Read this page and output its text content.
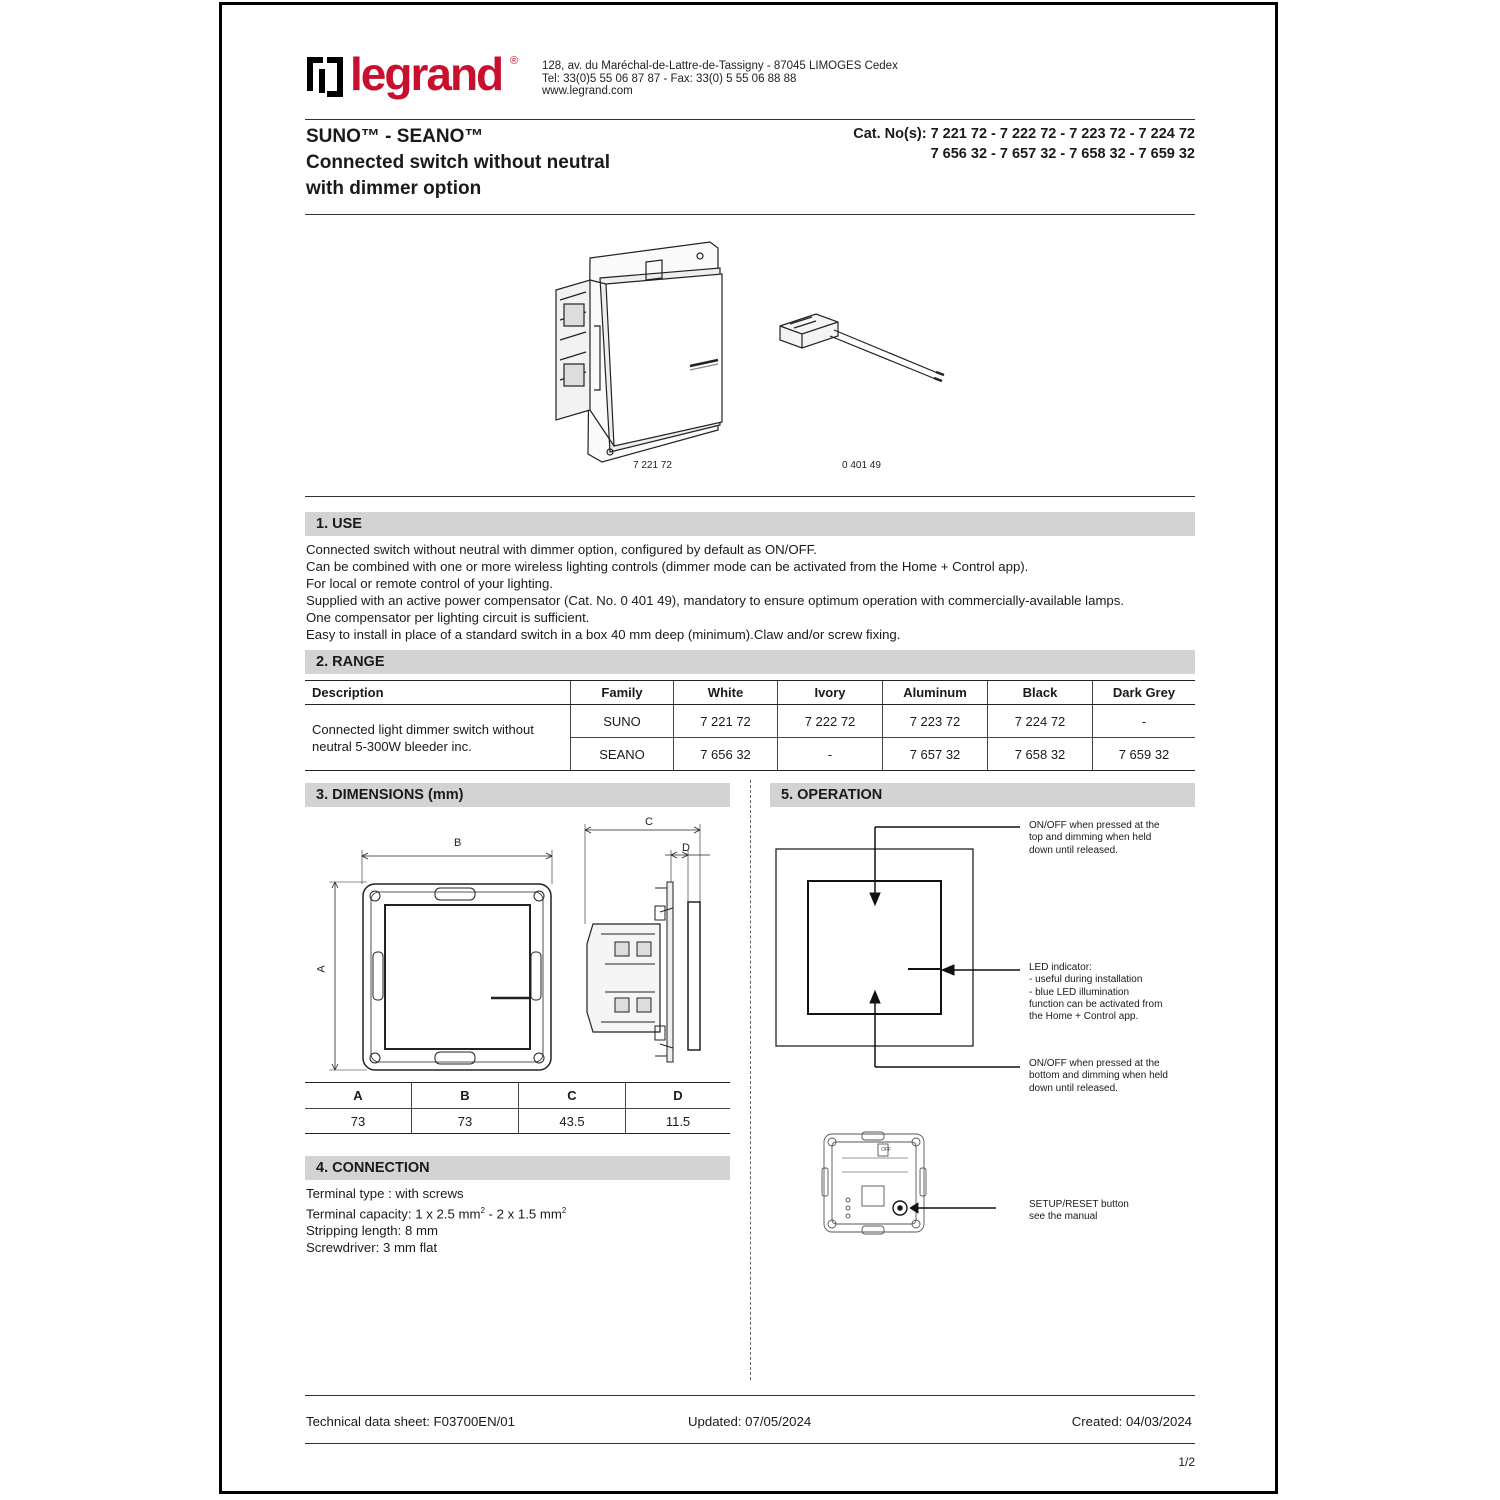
legrand ® 128, av. du Maréchal-de-Lattre-de-Tassigny - 87045 LIMOGES Cedex
Tel: 33(0)5 55 06 87 87 - Fax: 33(0) 5 55 06 88 88
www.legrand.com
SUNO™ - SEANO™
Connected switch without neutral
with dimmer option
Cat. No(s): 7 221 72 - 7 222 72 - 7 223 72 - 7 224 72
7 656 32 - 7 657 32 - 7 658 32 - 7 659 32
7 221 72	0 401 49
1. USE
Connected switch without neutral with dimmer option, configured by default as ON/OFF.
Can be combined with one or more wireless lighting controls (dimmer mode can be activated from the Home + Control app).
For local or remote control of your lighting.
Supplied with an active power compensator (Cat. No. 0 401 49), mandatory to ensure optimum operation with commercially-available lamps.
One compensator per lighting circuit is sufficient.
Easy to install in place of a standard switch in a box 40 mm deep (minimum).Claw and/or screw fixing.
2. RANGE
Description	Family	White	Ivory	Aluminum	Black	Dark Grey
Connected light dimmer switch without neutral 5-300W bleeder inc.	SUNO	7 221 72	7 222 72	7 223 72	7 224 72	-
	SEANO	7 656 32	-	7 657 32	7 658 32	7 659 32
3. DIMENSIONS (mm)
B
A
C
D
A	B	C	D
73	73	43.5	11.5
4. CONNECTION
Terminal type : with screws
Terminal capacity: 1 x 2.5 $mm^2 - 2$ x 1.5 $mm^2$
Stripping length: 8 mm
Screwdriver: 3 mm flat
5. OPERATION
ON/OFF when pressed at the
top and dimming when held
down until released.
LED indicator:
- useful during installation
- blue LED illumination
function can be activated from
the Home + Control app.
ON/OFF when pressed at the
bottom and dimming when held
down until released.
OFF
SETUP/RESET button
see the manual
Technical data sheet: F03700EN/01	Updated: 07/05/2024	Created: 04/03/2024
1/2
